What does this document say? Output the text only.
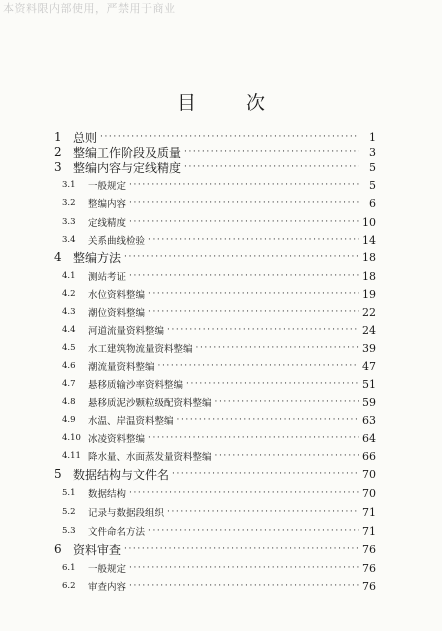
本资料限内部使用，严禁用于商业
目 次
1 总则 ·····	1
2 整编工作阶段及质量 ·····	3
3 整编内容与定线精度 ·····	5
3.1	一般规定 ·····	5
3.2	整编内容 ·····	6
3.3	定线精度 ·····	10
3.4	关系曲线检验 ·····	14
4 整编方法 ·····	18
4.1	测站考证 ·····	18
4.2	水位资料整编 ·····	19
4.3	潮位资料整编 ·····	22
4.4	河道流量资料整编 ·····	24
4.5	水工建筑物流量资料整编 ·····	39
4.6	潮流量资料整编 ·····	47
4.7	悬移质输沙率资料整编 ·····	51
4.8	悬移质泥沙颗粒级配资料整编 ·····	59
4.9	水温、岸温资料整编 ·····	63
4.10 冰凌资料整编 ·····	64
4.11 降水量、水面蒸发量资料整编 ·····	66
5 数据结构与文件名 ·····	70
5.1	数据结构 ·····	70
5.2	记录与数据段组织 ·····	71
5.3	文件命名方法 ·····	71
6 资料审查 ·····	76
6.1	一般规定 ·····	76
6.2	审查内容 ·····	76
